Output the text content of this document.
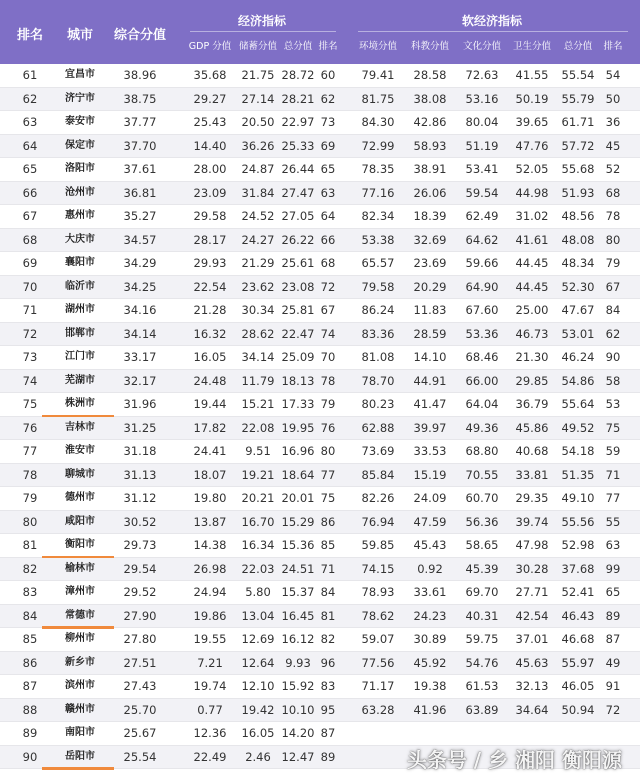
排名	城市	综合分值
经济指标
GDP 分值 储蓄分值 总分值 排名
软经济指标
环境分值	科教分值	文化分值	卫生分值	总分值	排名
61	宜昌市	38.96	35.68	21.75 28.72 60	79.41	28.58	72.63	41.55	55.54 54
62	济宁市	38.75	29.27	27.14 28.21 62	81.75	38.08	53.16	50.19	55.79 50
63	泰安市	37.77	25.43	20.50 22.97 73	84.30	42.86	80.04	39.65	61.71 36
64	保定市	37.70	14.40	36.26 25.33 69	72.99	58.93	51.19	47.76	57.72 45
65	洛阳市	37.61	28.00	24.87 26.44 65	78.35	38.91	53.41	52.05	55.68 52
66	沧州市	36.81	23.09	31.84 27.47 63	77.16	26.06	59.54	44.98	51.93 68
67	惠州市	35.27	29.58	24.52 27.05 64	82.34	18.39	62.49	31.02	48.56 78
68	大庆市	34.57	28.17	24.27 26.22 66	53.38	32.69	64.62	41.61	48.08 80
69	襄阳市	34.29	29.93	21.29 25.61 68	65.57	23.69	59.66	44.45	48.34 79
70	临沂市	34.25	22.54	23.62 23.08 72	79.58	20.29	64.90	44.45	52.30 67
71	湖州市	34.16	21.28	30.34 25.81 67	86.24	11.83	67.60	25.00	47.67 84
72	邯郸市	34.14	16.32	28.62 22.47 74	83.36	28.59	53.36	46.73	53.01 62
73	江门市	33.17	16.05	34.14 25.09 70	81.08	14.10	68.46	21.30	46.24 90
74	芜湖市	32.17	24.48	11.79 18.13 78	78.70	44.91	66.00	29.85	54.86 58
75	株洲市	31.96	19.44	15.21 17.33 79	80.23	41.47	64.04	36.79	55.64 53
76	吉林市	31.25	17.82	22.08 19.95 76	62.88	39.97	49.36	45.86	49.52 75
77	淮安市	31.18	24.41	9.51 16.96 80	73.69	33.53	68.80	40.68	54.18 59
78	聊城市	31.13	18.07	19.21 18.64 77	85.84	15.19	70.55	33.81	51.35 71
79	德州市	31.12	19.80	20.21 20.01 75	82.26	24.09	60.70	29.35	49.10 77
80	咸阳市	30.52	13.87	16.70 15.29 86	76.94	47.59	56.36	39.74	55.56 55
81	衡阳市	29.73	14.38	16.34 15.36 85	59.85	45.43	58.65	47.98	52.98 63
82	榆林市	29.54	26.98	22.03 24.51 71	74.15	0.92	45.39	30.28	37.68 99
83	漳州市	29.52	24.94	5.80 15.37 84	78.93	33.61	69.70	27.71	52.41 65
84	常德市	27.90	19.86	13.04 16.45 81	78.62	24.23	40.31	42.54	46.43 89
85	柳州市	27.80	19.55	12.69 16.12 82	59.07	30.89	59.75	37.01	46.68 87
86	新乡市	27.51	7.21	12.64 9.93 96	77.56	45.92	54.76	45.63	55.97 49
87	滨州市	27.43	19.74	12.10 15.92 83	71.17	19.38	61.53	32.13	46.05 91
88	赣州市	25.70	0.77	19.42 10.10 95	63.28	41.96	63.89	34.64	50.94 72
89	南阳市	25.67	12.36	16.05 14.20 87
90	岳阳市	25.54	22.49	2.46 12.47 89	头条号 / 乡 湘阳 衡阳源
